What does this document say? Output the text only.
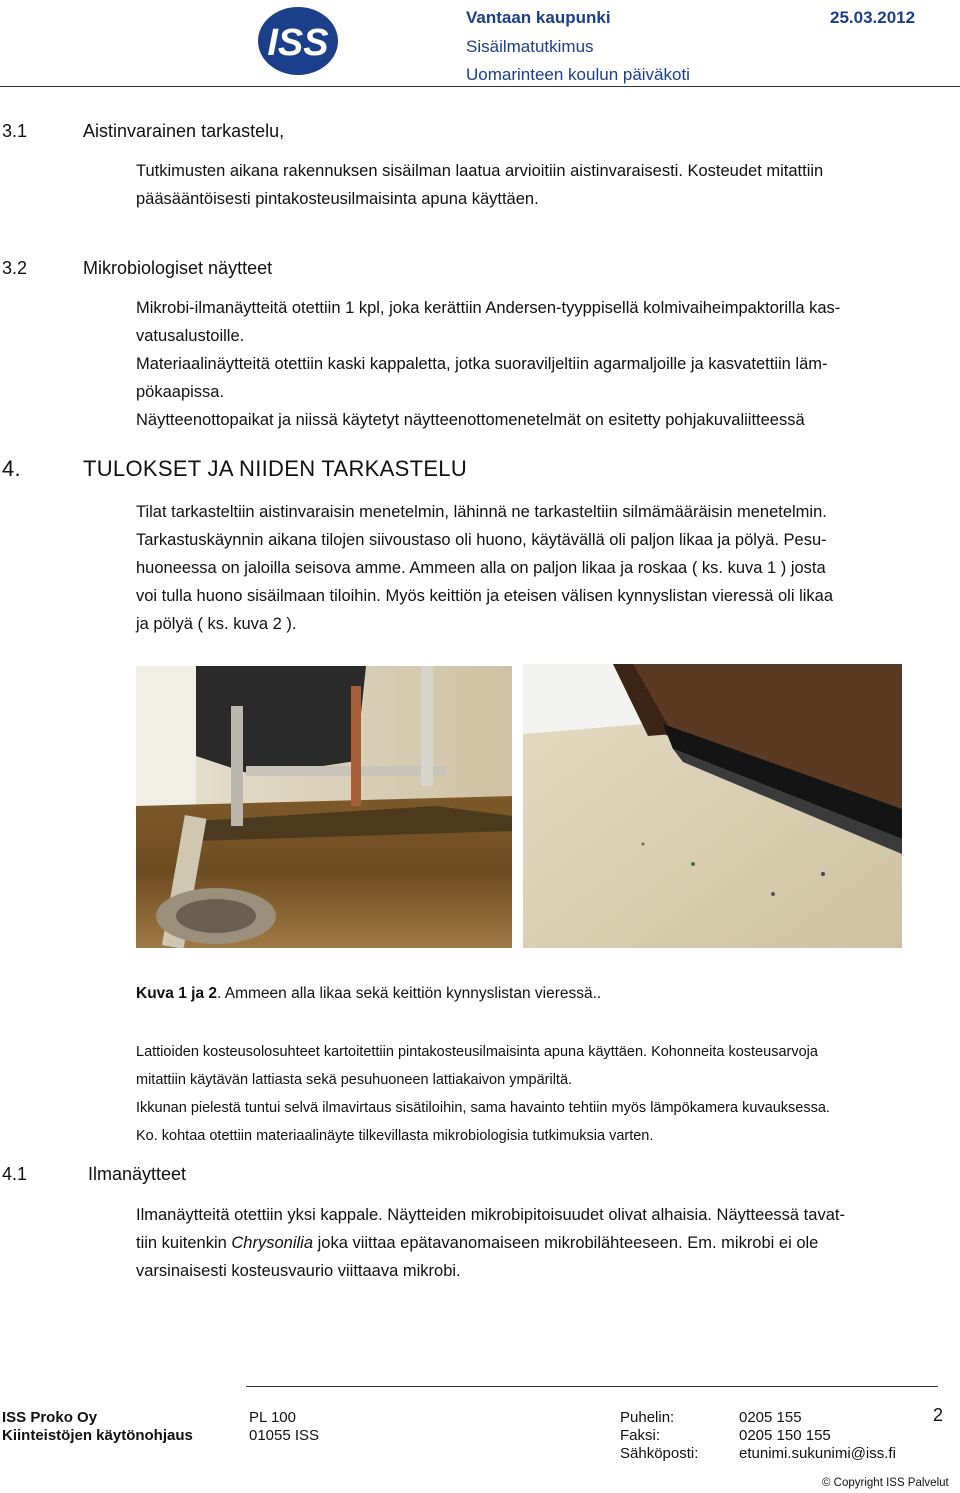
ISS
Vantaan kaupunki	25.03.2012
Sisäilmatutkimus
Uomarinteen koulun päiväkoti
3.1	Aistinvarainen tarkastelu,
Tutkimusten aikana rakennuksen sisäilman laatua arvioitiin aistinvaraisesti. Kosteudet mitattiin
pääsääntöisesti pintakosteusilmaisinta apuna käyttäen.
3.2	Mikrobiologiset näytteet
Mikrobi-ilmanäytteitä otettiin 1 kpl, joka kerättiin Andersen-tyyppisellä kolmivaiheimpaktorilla kas-
vatusalustoille.
Materiaalinäytteitä otettiin kaski kappaletta, jotka suoraviljeltiin agarmaljoille ja kasvatettiin läm-
pökaapissa.
Näytteenottopaikat ja niissä käytetyt näytteenottomenetelmät on esitetty pohjakuvaliitteessä
4.	TULOKSET JA NIIDEN TARKASTELU
Tilat tarkasteltiin aistinvaraisin menetelmin, lähinnä ne tarkasteltiin silmämääräisin menetelmin.
Tarkastuskäynnin aikana tilojen siivoustaso oli huono, käytävällä oli paljon likaa ja pölyä. Pesu-
huoneessa on jaloilla seisova amme. Ammeen alla on paljon likaa ja roskaa ( ks. kuva 1 ) josta
voi tulla huono sisäilmaan tiloihin. Myös keittiön ja eteisen välisen kynnyslistan vieressä oli likaa
ja pölyä ( ks. kuva 2 ).
Kuva 1 ja 2. Ammeen alla likaa sekä keittiön kynnyslistan vieressä..
Lattioiden kosteusolosuhteet kartoitettiin pintakosteusilmaisinta apuna käyttäen. Kohonneita kosteusarvoja
mitattiin käytävän lattiasta sekä pesuhuoneen lattiakaivon ympäriltä.
Ikkunan pielestä tuntui selvä ilmavirtaus sisätiloihin, sama havainto tehtiin myös lämpökamera kuvauksessa.
Ko. kohtaa otettiin materiaalinäyte tilkevillasta mikrobiologisia tutkimuksia varten.
4.1	Ilmanäytteet
Ilmanäytteitä otettiin yksi kappale. Näytteiden mikrobipitoisuudet olivat alhaisia. Näytteessä tavat-
tiin kuitenkin Chrysonilia joka viittaa epätavanomaiseen mikrobilähteeseen. Em. mikrobi ei ole
varsinaisesti kosteusvaurio viittaava mikrobi.
ISS Proko Oy
Kiinteistöjen käytönohjaus
PL 100
01055 ISS
Puhelin:	0205 155
Faksi:	0205 150 155
Sähköposti:	etunimi.sukunimi@iss.fi
2
© Copyright ISS Palvelut
